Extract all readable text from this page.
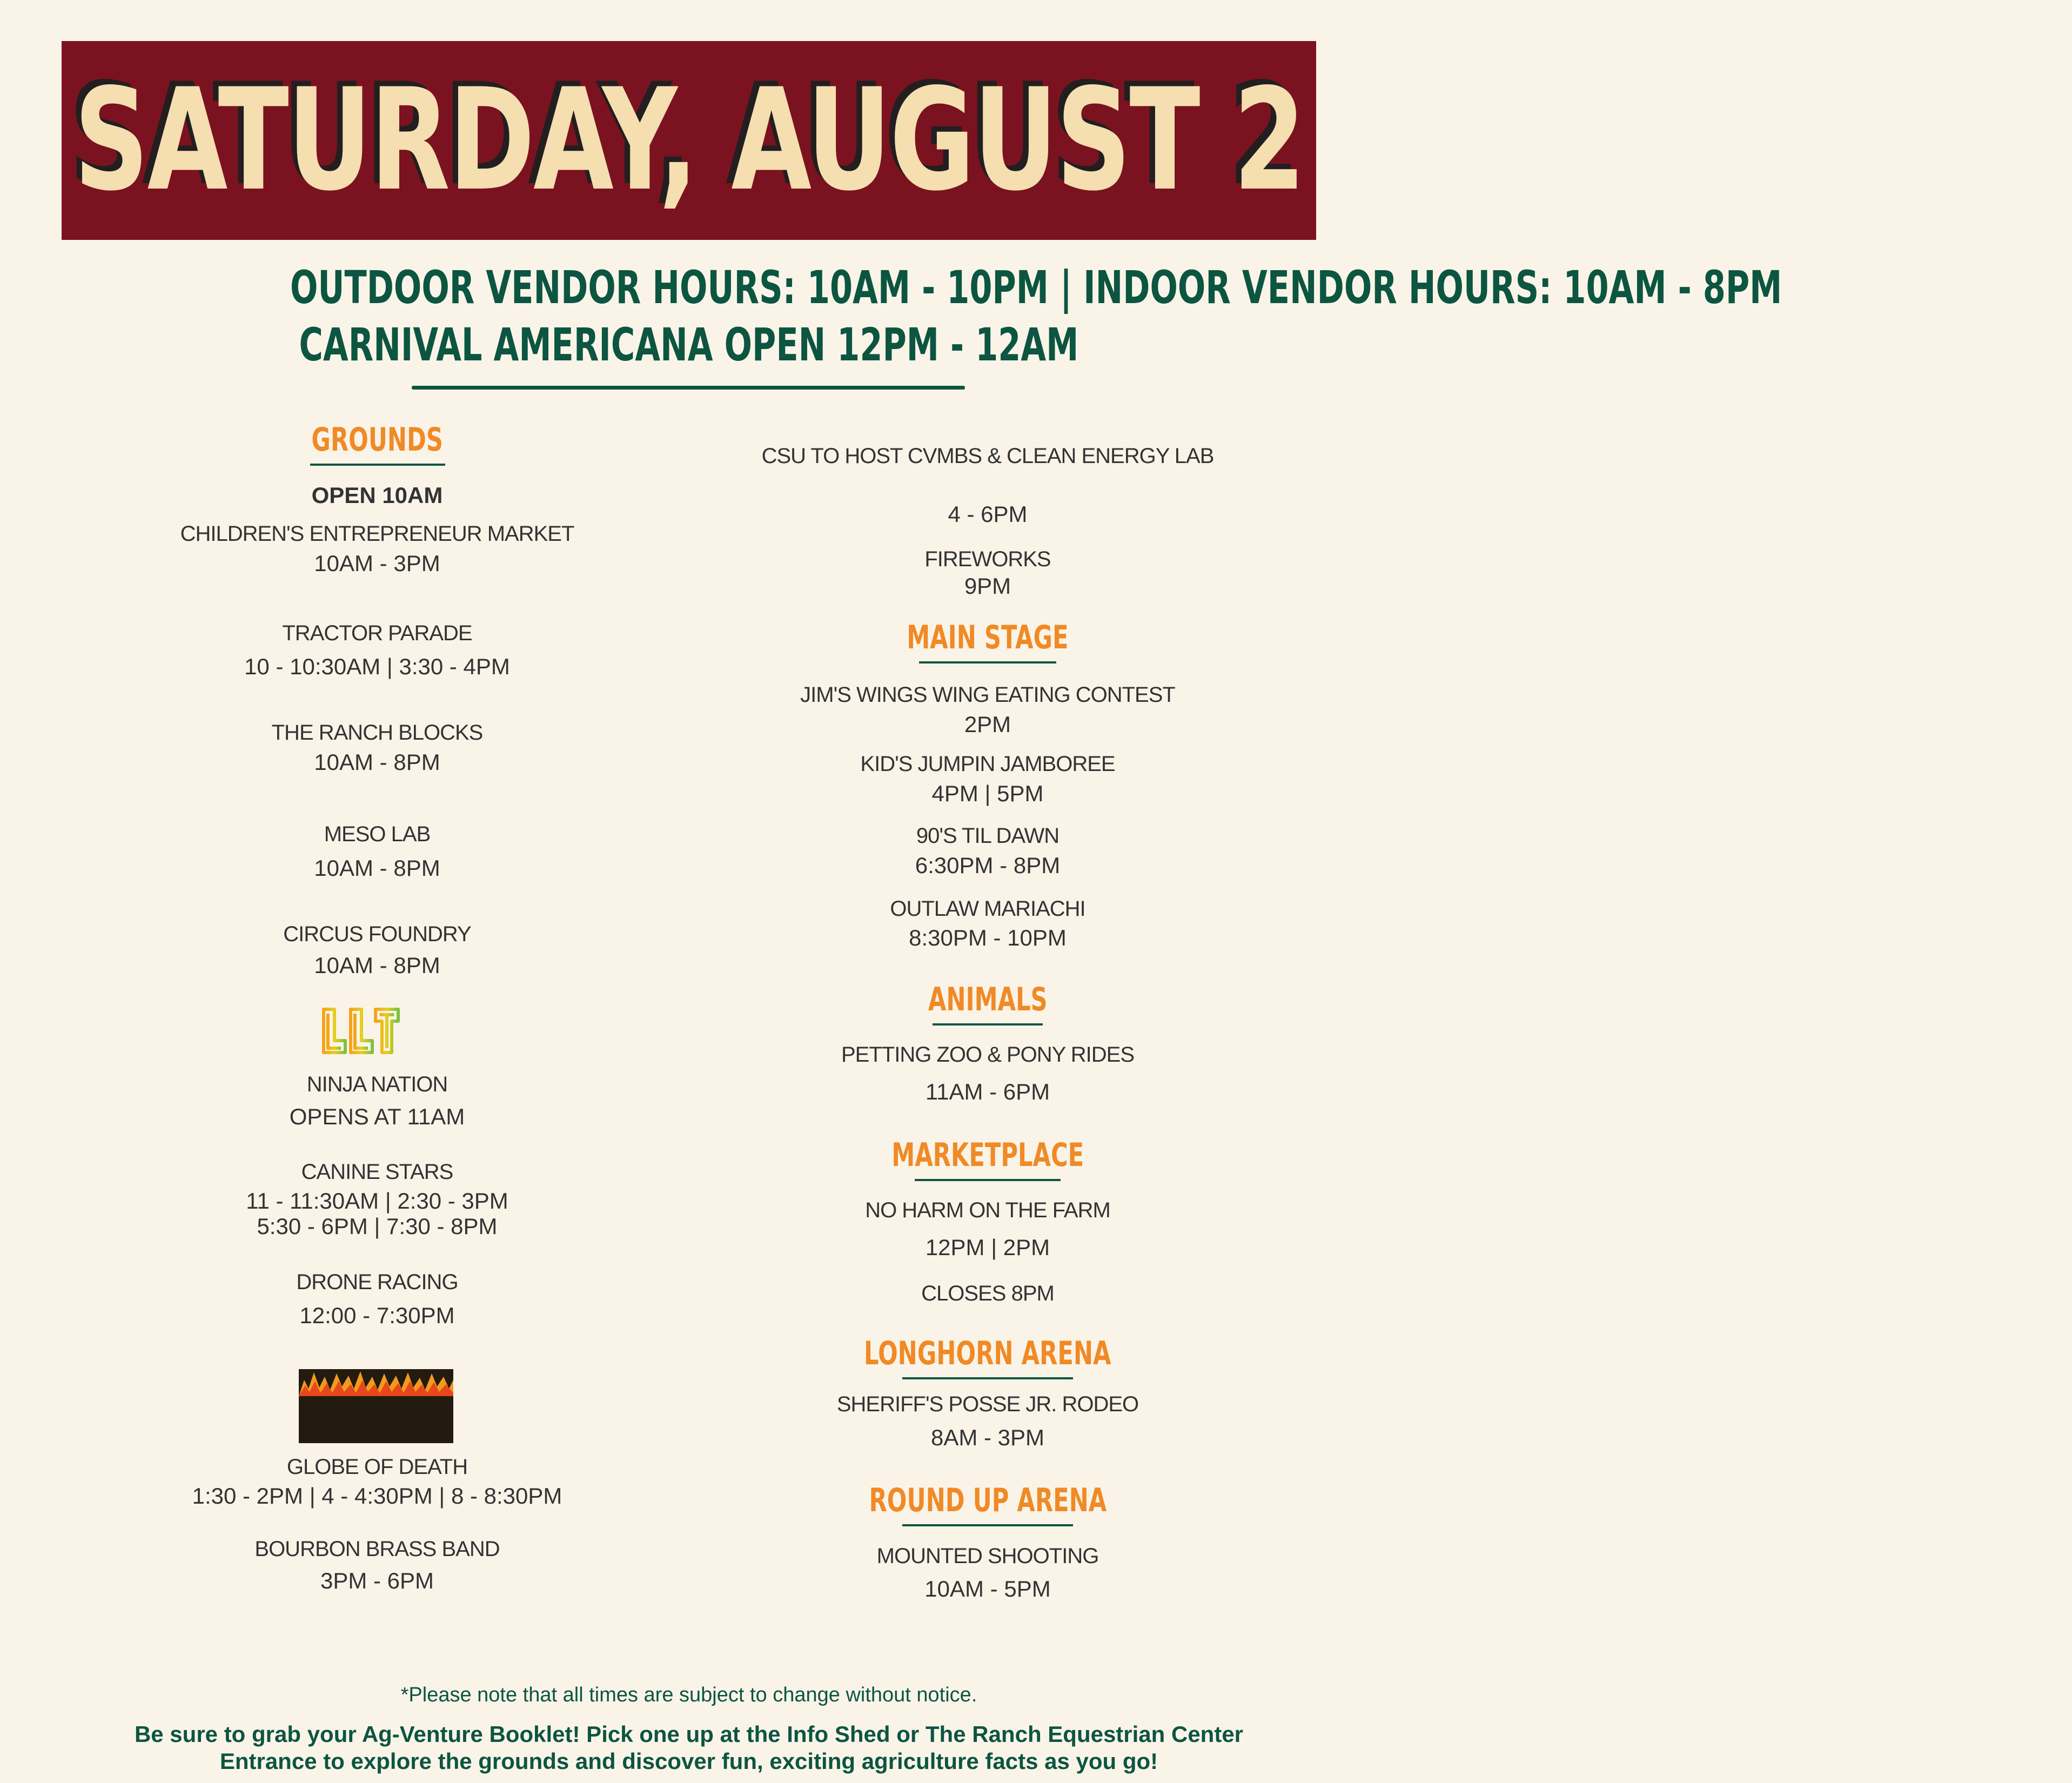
SATURDAY, AUGUST 2
OUTDOOR VENDOR HOURS: 10AM - 10PM | INDOOR VENDOR HOURS: 10AM - 8PM
CARNIVAL AMERICANA OPEN 12PM - 12AM
GROUNDS
OPEN 10AM
CHILDREN'S ENTREPRENEUR MARKET
10AM - 3PM
TRACTOR PARADE
10 - 10:30AM | 3:30 - 4PM
THE RANCH BLOCKS
10AM - 8PM
MESO LAB
10AM - 8PM
CIRCUS FOUNDRY
10AM - 8PM
NINJA NATION
OPENS AT 11AM
CANINE STARS
11 - 11:30AM | 2:30 - 3PM
5:30 - 6PM | 7:30 - 8PM
DRONE RACING
12:00 - 7:30PM
GLOBE OF DEATH
1:30 - 2PM | 4 - 4:30PM | 8 - 8:30PM
BOURBON BRASS BAND
3PM - 6PM
CSU TO HOST CVMBS & CLEAN ENERGY LAB
4 - 6PM
FIREWORKS
9PM
MAIN STAGE
JIM'S WINGS WING EATING CONTEST
2PM
KID'S JUMPIN JAMBOREE
4PM | 5PM
90'S TIL DAWN
6:30PM - 8PM
OUTLAW MARIACHI
8:30PM - 10PM
ANIMALS
PETTING ZOO & PONY RIDES
11AM - 6PM
MARKETPLACE
NO HARM ON THE FARM
12PM | 2PM
CLOSES 8PM
LONGHORN ARENA
SHERIFF'S POSSE JR. RODEO
8AM - 3PM
ROUND UP ARENA
MOUNTED SHOOTING
10AM - 5PM
*Please note that all times are subject to change without notice.
Be sure to grab your Ag-Venture Booklet! Pick one up at the Info Shed or The Ranch Equestrian Center
Entrance to explore the grounds and discover fun, exciting agriculture facts as you go!
